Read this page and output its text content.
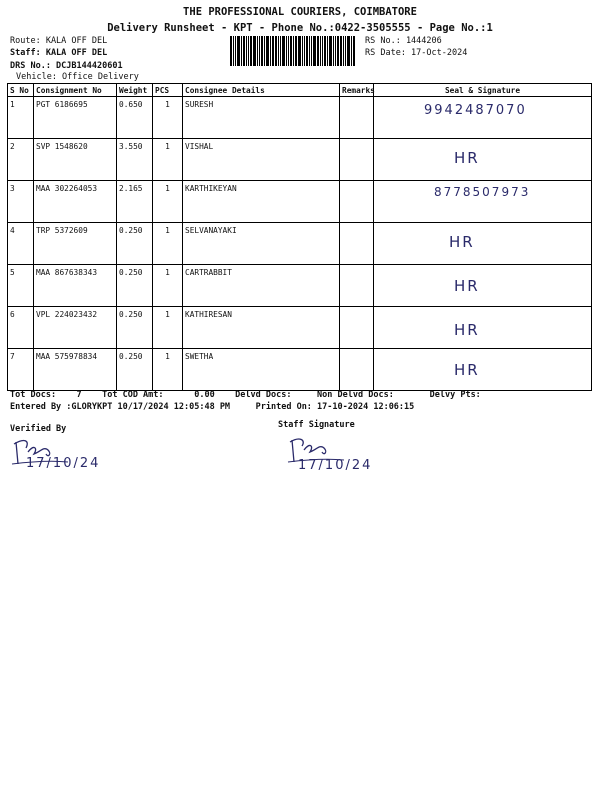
THE PROFESSIONAL COURIERS, COIMBATORE
Delivery Runsheet - KPT - Phone No.:0422-3505555 - Page No.:1
Route: KALA OFF DEL
Staff: KALA OFF DEL
DRS No.: DCJB144420601
Vehicle: Office Delivery
RS No.: 1444206
RS Date: 17-Oct-2024
S No	Consignment No	Weight	PCS	Consignee Details	Remarks	Seal & Signature
1	PGT 6186695	0.650	1	SURESH		9942487070

2	SVP 1548620	3.550	1	VISHAL		HR

3	MAA 302264053	2.165	1	KARTHIKEYAN		8778507973

4	TRP 5372609	0.250	1	SELVANAYAKI		HR

5	MAA 867638343	0.250	1	CARTRABBIT		HR

6	VPL 224023432	0.250	1	KATHIRESAN		HR

7	MAA 575978834	0.250	1	SWETHA		HR
Tot Docs:    7    Tot COD Amt:      0.00    Delvd Docs:     Non Delvd Docs:       Delvy Pts:
Entered By :GLORYKPT 10/17/2024 12:05:48 PM     Printed On: 17-10-2024 12:06:15
Verified By	Staff Signature
17/10/24	17/10/24
